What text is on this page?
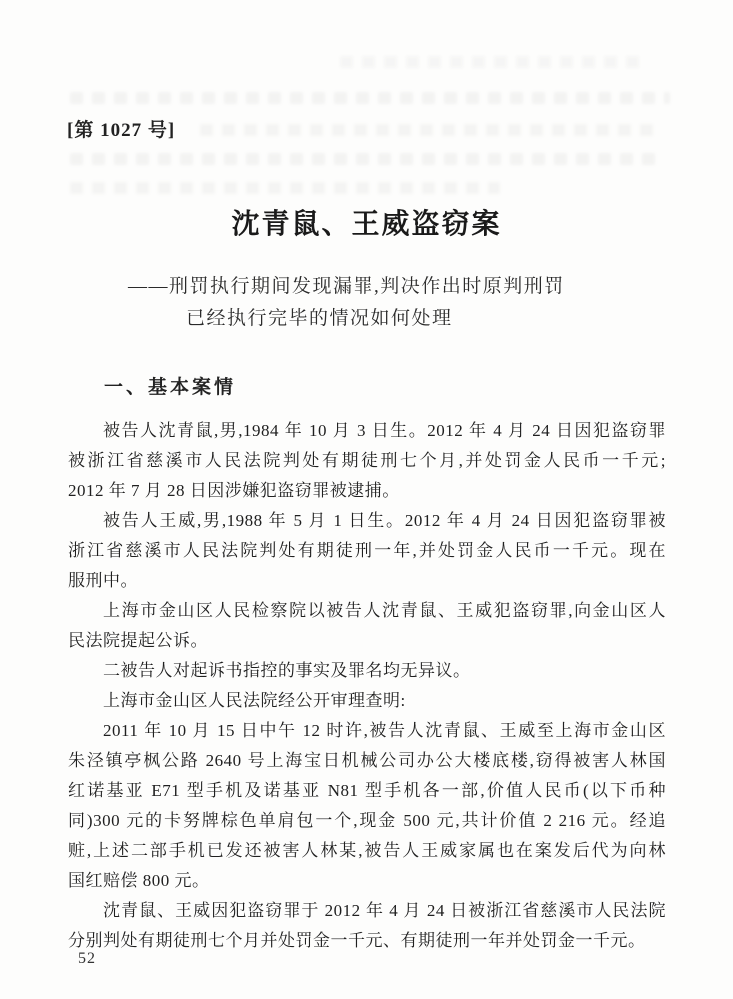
[第 1027 号]
沈青鼠、王威盗窃案
——刑罚执行期间发现漏罪,判决作出时原判刑罚
已经执行完毕的情况如何处理
一、基本案情
被告人沈青鼠,男,1984 年 10 月 3 日生。2012 年 4 月 24 日因犯盗窃罪
被浙江省慈溪市人民法院判处有期徒刑七个月,并处罚金人民币一千元;
2012 年 7 月 28 日因涉嫌犯盗窃罪被逮捕。
被告人王威,男,1988 年 5 月 1 日生。2012 年 4 月 24 日因犯盗窃罪被
浙江省慈溪市人民法院判处有期徒刑一年,并处罚金人民币一千元。现在
服刑中。
上海市金山区人民检察院以被告人沈青鼠、王威犯盗窃罪,向金山区人
民法院提起公诉。
二被告人对起诉书指控的事实及罪名均无异议。
上海市金山区人民法院经公开审理查明:
2011 年 10 月 15 日中午 12 时许,被告人沈青鼠、王威至上海市金山区
朱泾镇亭枫公路 2640 号上海宝日机械公司办公大楼底楼,窃得被害人林国
红诺基亚 E71 型手机及诺基亚 N81 型手机各一部,价值人民币(以下币种
同)300 元的卡努牌棕色单肩包一个,现金 500 元,共计价值 2 216 元。经追
赃,上述二部手机已发还被害人林某,被告人王威家属也在案发后代为向林
国红赔偿 800 元。
沈青鼠、王威因犯盗窃罪于 2012 年 4 月 24 日被浙江省慈溪市人民法院
分别判处有期徒刑七个月并处罚金一千元、有期徒刑一年并处罚金一千元。
52
